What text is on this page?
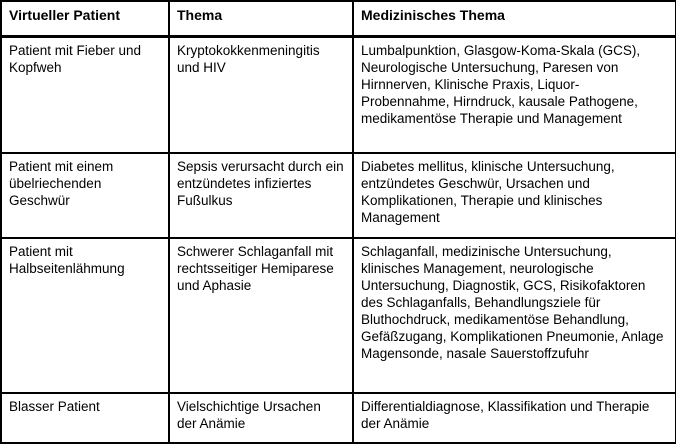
Virtueller Patient	Thema	Medizinisches Thema
Patient mit Fieber und Kopfweh	Kryptokokkenmeningitis und HIV	Lumbalpunktion, Glasgow-Koma-Skala (GCS), Neurologische Untersuchung, Paresen von Hirnnerven, Klinische Praxis, Liquor- Probennahme, Hirndruck, kausale Pathogene, medikamentöse Therapie und Management
Patient mit einem übelriechenden Geschwür	Sepsis verursacht durch ein entzündetes infiziertes Fußulkus	Diabetes mellitus, klinische Untersuchung, entzündetes Geschwür, Ursachen und Komplikationen, Therapie und klinisches Management
Patient mit Halbseitenlähmung	Schwerer Schlaganfall mit rechtsseitiger Hemiparese und Aphasie	Schlaganfall, medizinische Untersuchung, klinisches Management, neurologische Untersuchung, Diagnostik, GCS, Risikofaktoren des Schlaganfalls, Behandlungsziele für Bluthochdruck, medikamentöse Behandlung, Gefäßzugang, Komplikationen Pneumonie, Anlage Magensonde, nasale Sauerstoffzufuhr
Blasser Patient	Vielschichtige Ursachen der Anämie	Differentialdiagnose, Klassifikation und Therapie der Anämie
